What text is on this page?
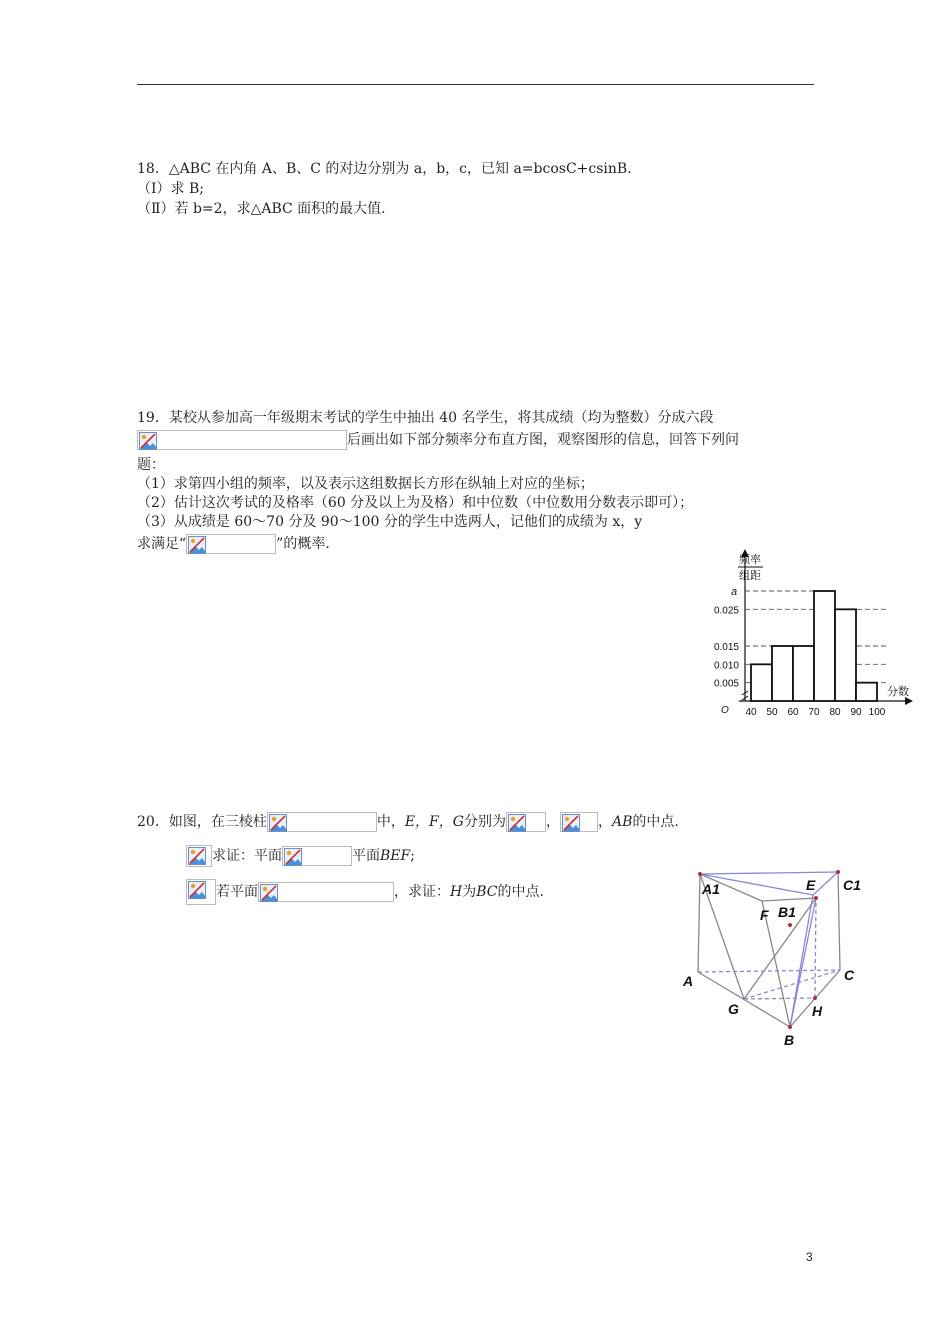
18．△ABC 在内角 A、B、C 的对边分别为 a，b，c，已知 a=bcosC+csinB.
（Ⅰ）求 B;
（Ⅱ）若 b=2，求△ABC 面积的最大值.
19．某校从参加高一年级期末考试的学生中抽出 40 名学生，将其成绩（均为整数）分成六段
后画出如下部分频率分布直方图，观察图形的信息，回答下列问
题：
（1）求第四小组的频率，以及表示这组数据长方形在纵轴上对应的坐标；
（2）估计这次考试的及格率（60 分及以上为及格）和中位数（中位数用分数表示即可）；
（3）从成绩是 60～70 分及 90～100 分的学生中选两人，记他们的成绩为 x，y
求满足“	”的概率.
频率
组距
0.005
0.010
0.015
0.025
a
40 50 60 70 80 90 100
O
分数
20．如图，在三棱柱	中，E，F，G分别为	，	，AB的中点.
求证：平面	平面BEF;
若平面	，求证：H为BC的中点.	A1	E C1
F B1
A	C
G	H
B
3
